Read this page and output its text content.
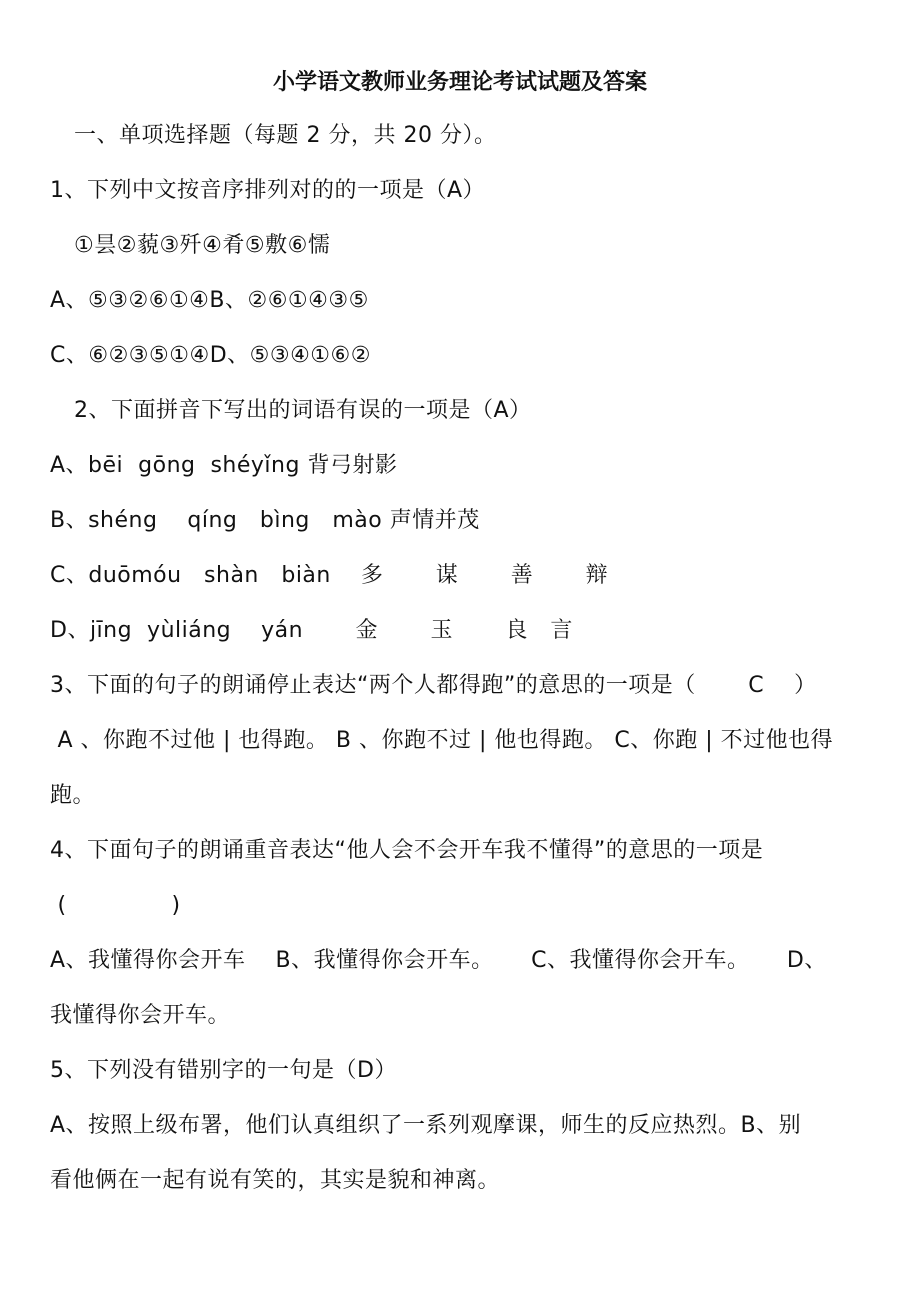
小学语文教师业务理论考试试题及答案
一、单项选择题（每题 2 分，共 20 分）。
1、下列中文按音序排列对的的一项是（A）
①昙②藐③歼④肴⑤敷⑥懦
A、⑤③②⑥①④B、②⑥①④③⑤
C、⑥②③⑤①④D、⑤③④①⑥②
2、下面拼音下写出的词语有误的一项是（A）
A、bēi  gōng  shéyǐng 背弓射影
B、shéng    qíng   bìng   mào 声情并茂
C、duōmóu   shàn   biàn    多       谋       善       辩
D、jīng  yùliáng    yán       金       玉       良   言
3、下面的句子的朗诵停止表达“两个人都得跑”的意思的一项是（       C    ）
A 、你跑不过他 | 也得跑。 B 、你跑不过 | 他也得跑。 C、你跑 | 不过他也得
跑。
4、下面句子的朗诵重音表达“他人会不会开车我不懂得”的意思的一项是
(              )
A、我懂得你会开车    B、我懂得你会开车。     C、我懂得你会开车。     D、
我懂得你会开车。
5、下列没有错别字的一句是（D）
A、按照上级布署，他们认真组织了一系列观摩课，师生的反应热烈。B、别
看他俩在一起有说有笑的，其实是貌和神离。
